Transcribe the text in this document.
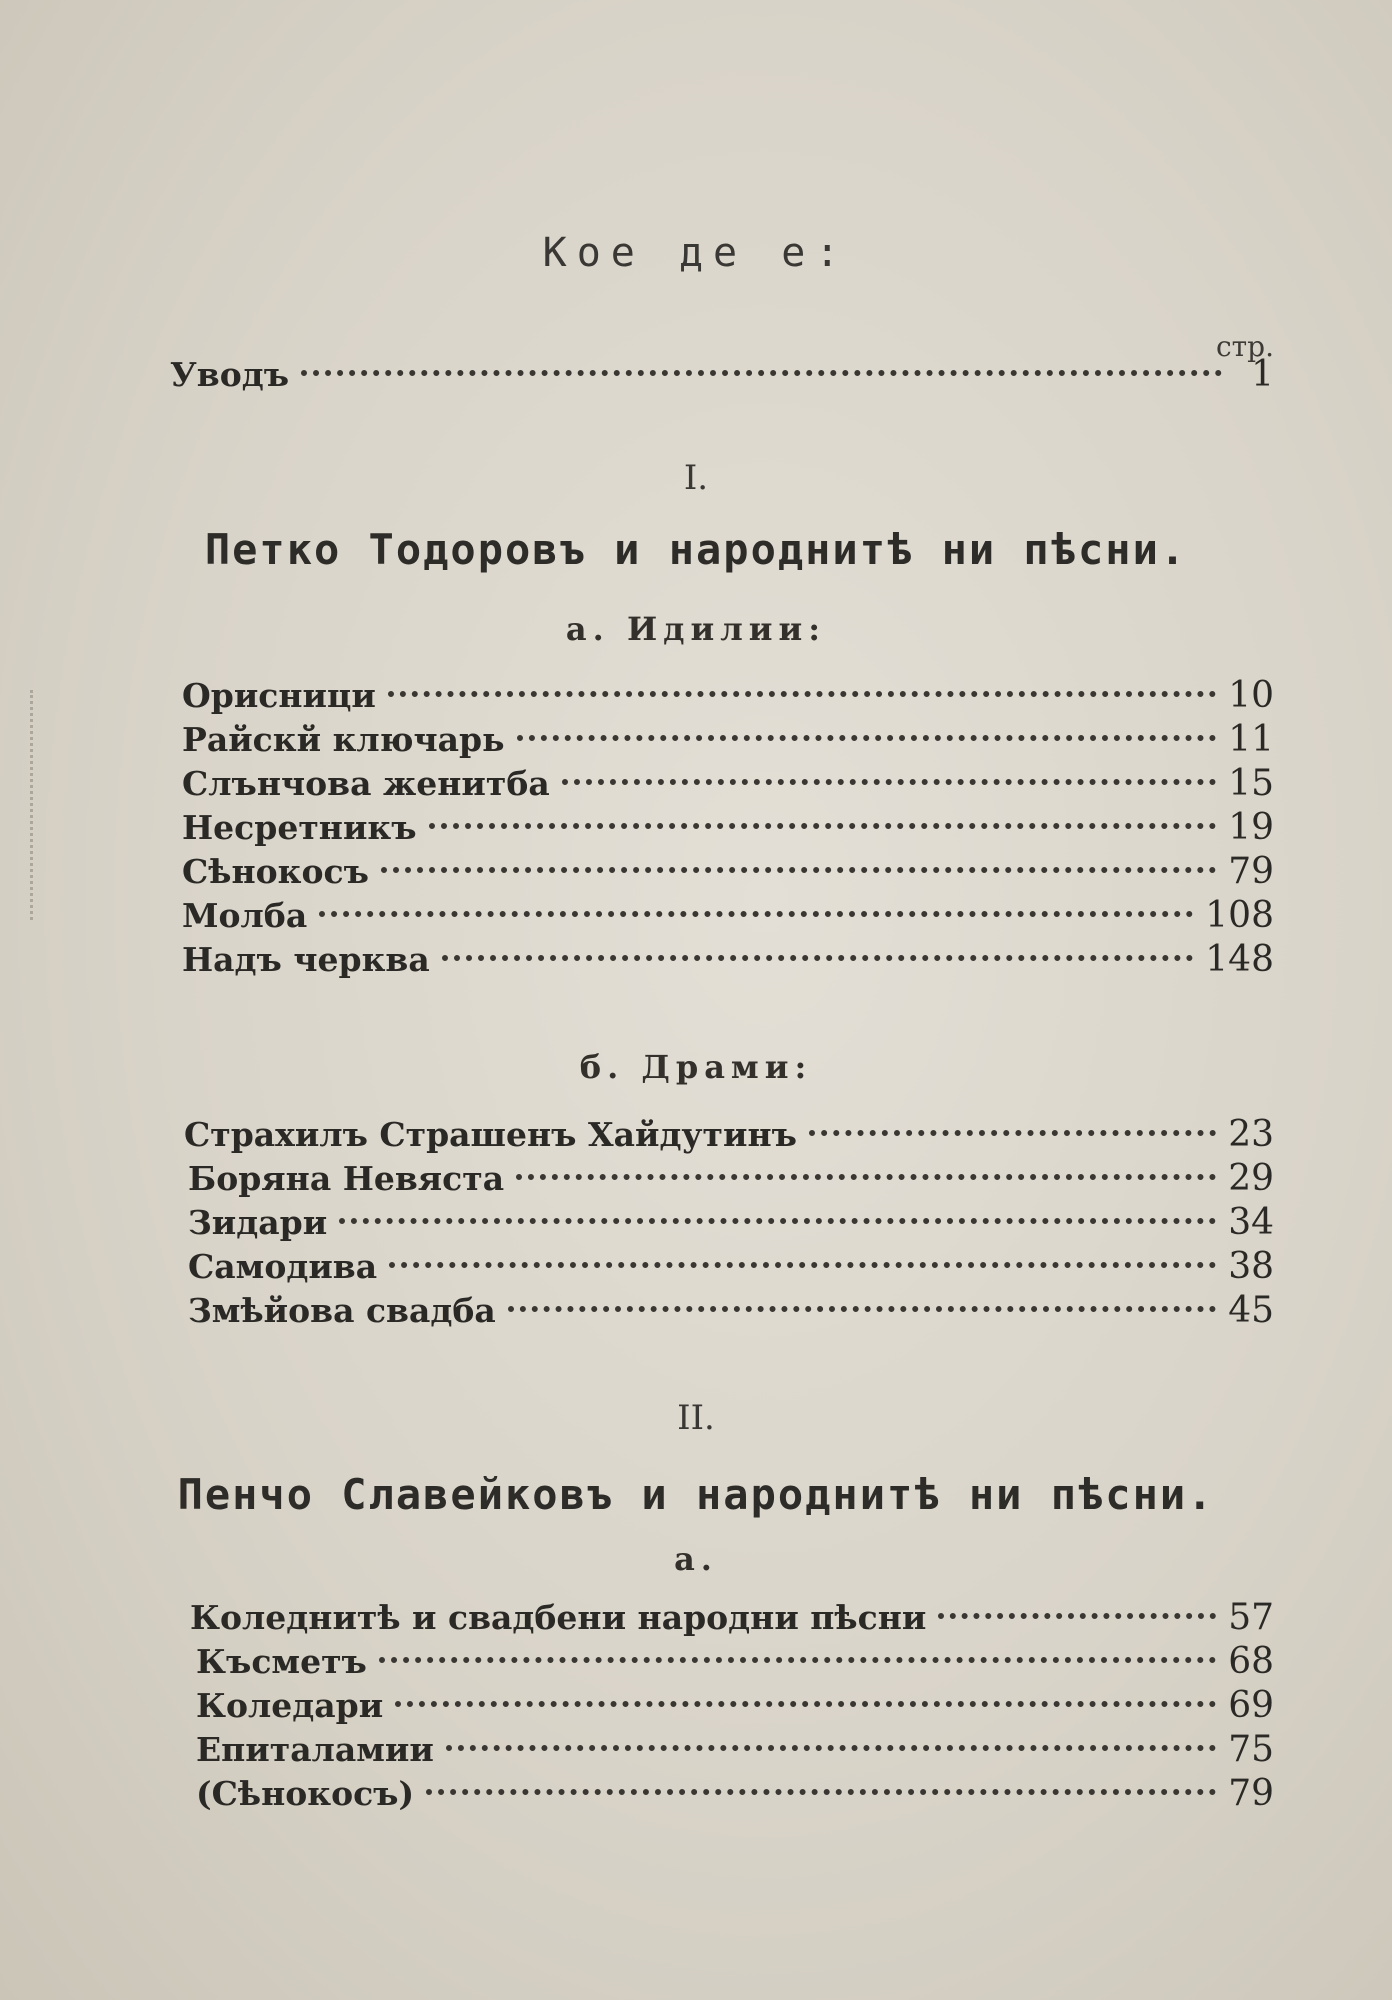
Кое де е:
стр.
Уводъ	1
I.
Петко Тодоровъ и народнитѣ ни пѣсни.
а. Идилии:
Орисници	10
Райскй ключарь	11
Слънчова женитба	15
Несретникъ	19
Сѣнокосъ	79
Молба	108
Надъ черква	148
б. Драми:
Страхилъ Страшенъ Хайдутинъ	23
Боряна Невяста	29
Зидари	34
Самодива	38
Змѣйова свадба	45
II.
Пенчо Славейковъ и народнитѣ ни пѣсни.
а.
Коледнитѣ и свадбени народни пѣсни	57
Късметъ	68
Коледари	69
Епиталамии	75
(Сѣнокосъ)	79
